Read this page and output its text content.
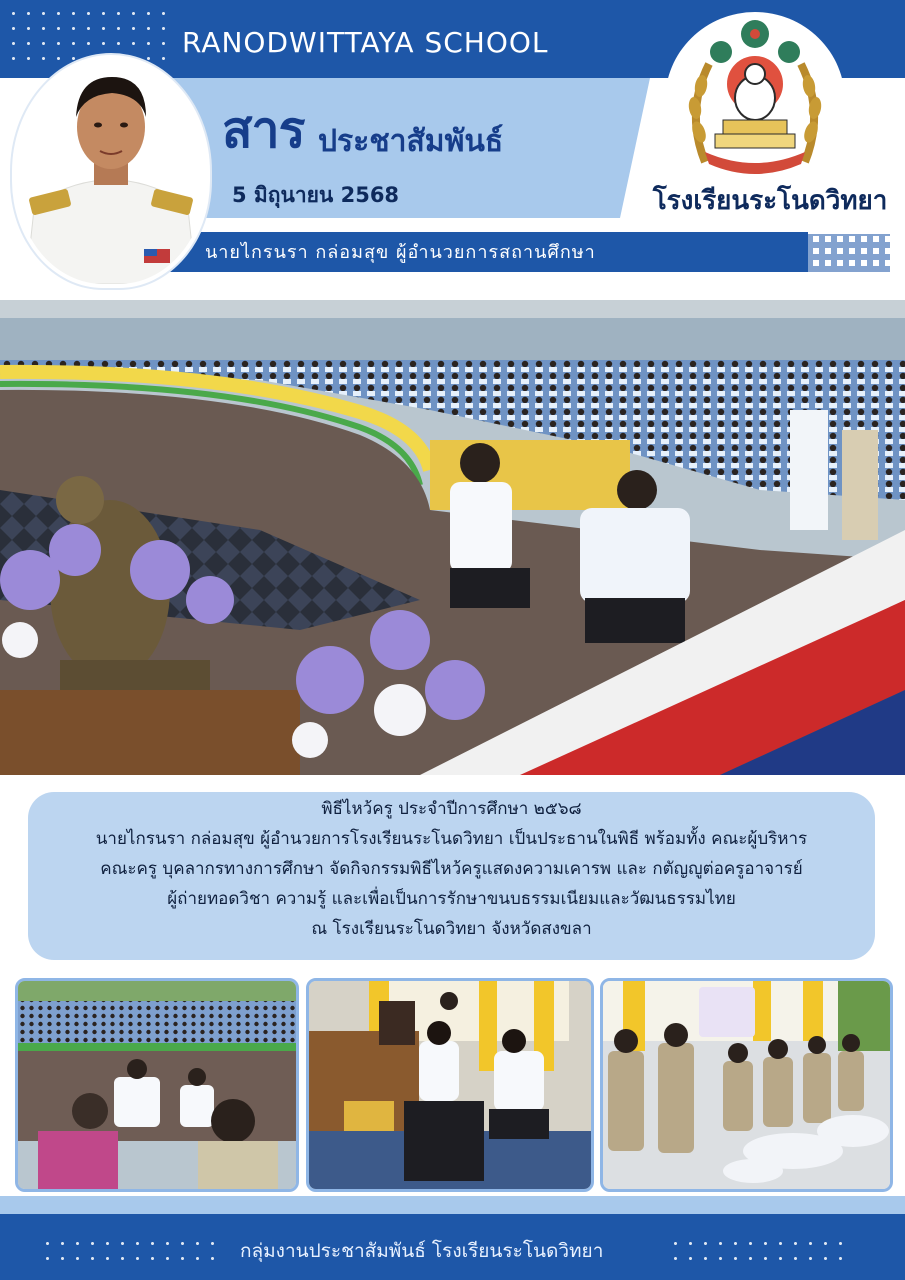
RANODWITTAYA SCHOOL
นายไกรนรา กล่อมสุข ผู้อำนวยการสถานศึกษา
สาร ประชาสัมพันธ์
5 มิถุนายน 2568	โรงเรียนระโนดวิทยา
พิธีไหว้ครู ประจำปีการศึกษา ๒๕๖๘
นายไกรนรา กล่อมสุข ผู้อำนวยการโรงเรียนระโนดวิทยา เป็นประธานในพิธี พร้อมทั้ง คณะผู้บริหาร
คณะครู บุคลากรทางการศึกษา จัดกิจกรรมพิธีไหว้ครูแสดงความเคารพ และ กตัญญูต่อครูอาจารย์
ผู้ถ่ายทอดวิชา ความรู้ และเพื่อเป็นการรักษาขนบธรรมเนียมและวัฒนธรรมไทย
ณ โรงเรียนระโนดวิทยา จังหวัดสงขลา
กลุ่มงานประชาสัมพันธ์ โรงเรียนระโนดวิทยา
